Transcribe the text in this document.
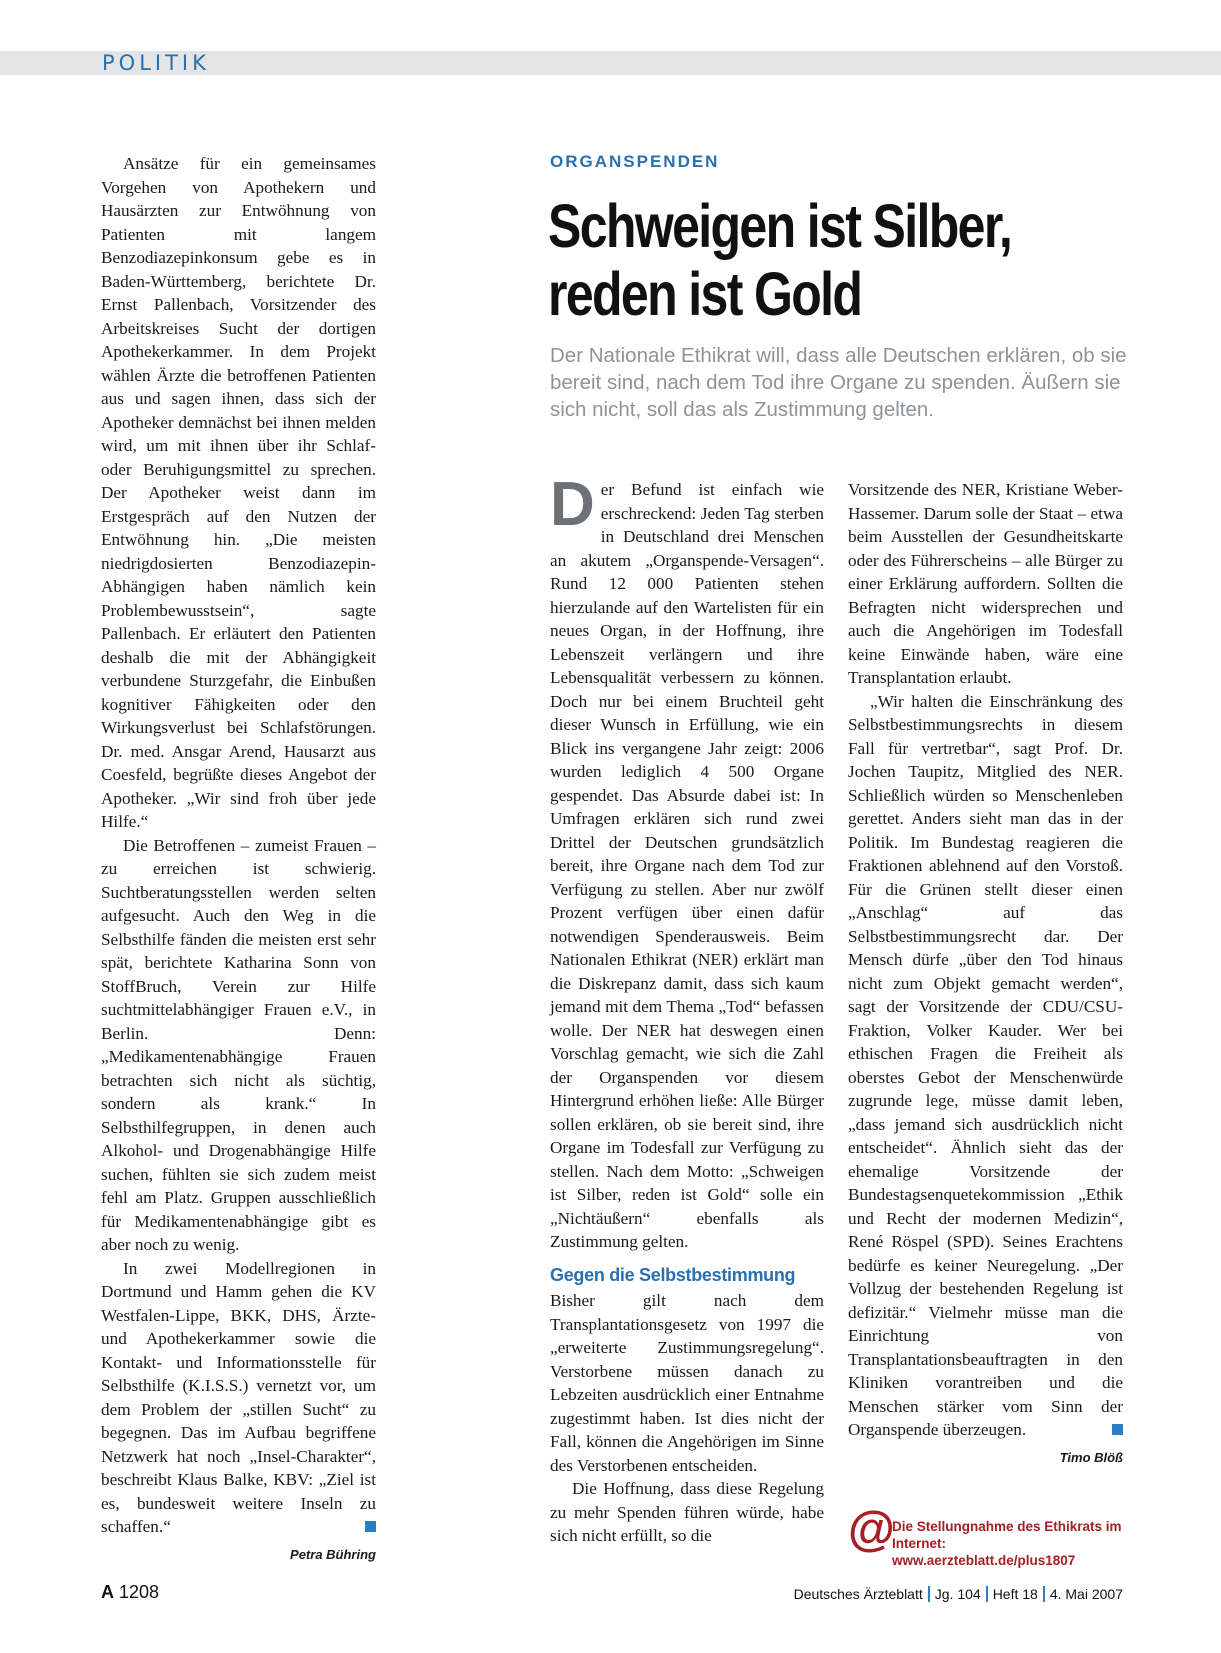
POLITIK

Ansätze für ein gemeinsames Vorgehen von Apothekern und Hausärzten zur Entwöhnung von Patienten mit langem Benzodiazepinkonsum gebe es in Baden-Württemberg, berichtete Dr. Ernst Pallenbach, Vorsitzender des Arbeitskreises Sucht der dortigen Apothekerkammer. In dem Projekt wählen Ärzte die betroffenen Patienten aus und sagen ihnen, dass sich der Apotheker demnächst bei ihnen melden wird, um mit ihnen über ihr Schlaf- oder Beruhigungsmittel zu sprechen. Der Apotheker weist dann im Erstgespräch auf den Nutzen der Entwöhnung hin. „Die meisten niedrigdosierten Benzodiazepin-Abhängigen haben nämlich kein Problembewusstsein“, sagte Pallenbach. Er erläutert den Patienten deshalb die mit der Abhängigkeit verbundene Sturzgefahr, die Einbußen kognitiver Fähigkeiten oder den Wirkungsverlust bei Schlafstörungen. Dr. med. Ansgar Arend, Hausarzt aus Coesfeld, begrüßte dieses Angebot der Apotheker. „Wir sind froh über jede Hilfe.“

Die Betroffenen – zumeist Frauen – zu erreichen ist schwierig. Suchtberatungsstellen werden selten aufgesucht. Auch den Weg in die Selbsthilfe fänden die meisten erst sehr spät, berichtete Katharina Sonn von StoffBruch, Verein zur Hilfe suchtmittelabhängiger Frauen e.V., in Berlin. Denn: „Medikamentenabhängige Frauen betrachten sich nicht als süchtig, sondern als krank.“ In Selbsthilfegruppen, in denen auch Alkohol- und Drogenabhängige Hilfe suchen, fühlten sie sich zudem meist fehl am Platz. Gruppen ausschließlich für Medikamentenabhängige gibt es aber noch zu wenig.

In zwei Modellregionen in Dortmund und Hamm gehen die KV Westfalen-Lippe, BKK, DHS, Ärzte- und Apothekerkammer sowie die Kontakt- und Informationsstelle für Selbsthilfe (K.I.S.S.) vernetzt vor, um dem Problem der „stillen Sucht“ zu begegnen. Das im Aufbau begriffene Netzwerk hat noch „Insel-Charakter“, beschreibt Klaus Balke, KBV: „Ziel ist es, bundesweit weitere Inseln zu schaffen.“

Petra Bühring
ORGANSPENDEN
Schweigen ist Silber,
reden ist Gold
Der Nationale Ethikrat will, dass alle Deutschen erklären, ob sie bereit sind, nach dem Tod ihre Organe zu spenden. Äußern sie sich nicht, soll das als Zustimmung gelten.

Der Befund ist einfach wie erschreckend: Jeden Tag sterben in Deutschland drei Menschen an akutem „Organspende-Versagen“. Rund 12 000 Patienten stehen hierzulande auf den Wartelisten für ein neues Organ, in der Hoffnung, ihre Lebenszeit verlängern und ihre Lebensqualität verbessern zu können. Doch nur bei einem Bruchteil geht dieser Wunsch in Erfüllung, wie ein Blick ins vergangene Jahr zeigt: 2006 wurden lediglich 4 500 Organe gespendet. Das Absurde dabei ist: In Umfragen erklären sich rund zwei Drittel der Deutschen grundsätzlich bereit, ihre Organe nach dem Tod zur Verfügung zu stellen. Aber nur zwölf Prozent verfügen über einen dafür notwendigen Spenderausweis. Beim Nationalen Ethikrat (NER) erklärt man die Diskrepanz damit, dass sich kaum jemand mit dem Thema „Tod“ befassen wolle. Der NER hat deswegen einen Vorschlag gemacht, wie sich die Zahl der Organspenden vor diesem Hintergrund erhöhen ließe: Alle Bürger sollen erklären, ob sie bereit sind, ihre Organe im Todesfall zur Verfügung zu stellen. Nach dem Motto: „Schweigen ist Silber, reden ist Gold“ solle ein „Nichtäußern“ ebenfalls als Zustimmung gelten.

Gegen die Selbstbestimmung

Bisher gilt nach dem Transplantationsgesetz von 1997 die „erweiterte Zustimmungsregelung“. Verstorbene müssen danach zu Lebzeiten ausdrücklich einer Entnahme zugestimmt haben. Ist dies nicht der Fall, können die Angehörigen im Sinne des Verstorbenen entscheiden.

Die Hoffnung, dass diese Regelung zu mehr Spenden führen würde, habe sich nicht erfüllt, so die

Vorsitzende des NER, Kristiane Weber-Hassemer. Darum solle der Staat – etwa beim Ausstellen der Gesundheitskarte oder des Führerscheins – alle Bürger zu einer Erklärung auffordern. Sollten die Befragten nicht widersprechen und auch die Angehörigen im Todesfall keine Einwände haben, wäre eine Transplantation erlaubt.

„Wir halten die Einschränkung des Selbstbestimmungsrechts in diesem Fall für vertretbar“, sagt Prof. Dr. Jochen Taupitz, Mitglied des NER. Schließlich würden so Menschenleben gerettet. Anders sieht man das in der Politik. Im Bundestag reagieren die Fraktionen ablehnend auf den Vorstoß. Für die Grünen stellt dieser einen „Anschlag“ auf das Selbstbestimmungsrecht dar. Der Mensch dürfe „über den Tod hinaus nicht zum Objekt gemacht werden“, sagt der Vorsitzende der CDU/CSU-Fraktion, Volker Kauder. Wer bei ethischen Fragen die Freiheit als oberstes Gebot der Menschenwürde zugrunde lege, müsse damit leben, „dass jemand sich ausdrücklich nicht entscheidet“. Ähnlich sieht das der ehemalige Vorsitzende der Bundestagsenquetekommission „Ethik und Recht der modernen Medizin“, René Röspel (SPD). Seines Erachtens bedürfe es keiner Neuregelung. „Der Vollzug der bestehenden Regelung ist defizitär.“ Vielmehr müsse man die Einrichtung von Transplantationsbeauftragten in den Kliniken vorantreiben und die Menschen stärker vom Sinn der Organspende überzeugen.

Timo Blöß
@
Die Stellungnahme des Ethikrats im
Internet: www.aerzteblatt.de/plus1807
A 1208	Deutsches Ärzteblatt Jg. 104 Heft 18 4. Mai 2007
